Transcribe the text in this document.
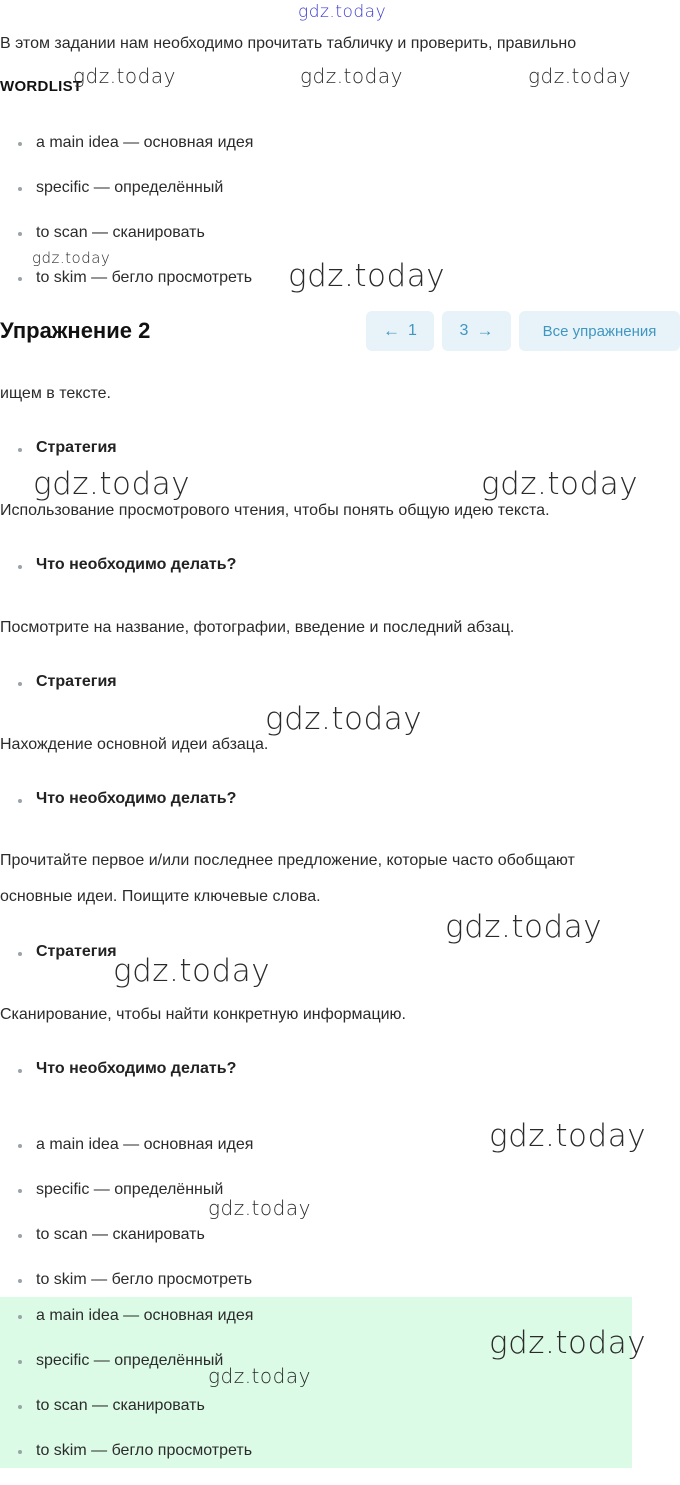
gdz.today
В этом задании нам необходимо прочитать табличку и проверить, правильно
WORDLIST
gdz.today	gdz.today	gdz.today
a main idea — основная идея
specific — определённый
to scan — сканировать
to skim — бегло просмотреть
gdz.today	gdz.today
Упражнение 2	← 1	3 →	Все упражнения
ищем в тексте.
Стратегия
gdz.today	gdz.today
Использование просмотрового чтения, чтобы понять общую идею текста.
Что необходимо делать?
Посмотрите на название, фотографии, введение и последний абзац.
Стратегия
gdz.today
Нахождение основной идеи абзаца.
Что необходимо делать?
Прочитайте первое и/или последнее предложение, которые часто обобщают
основные идеи. Поищите ключевые слова.
gdz.today
Стратегия
gdz.today
Сканирование, чтобы найти конкретную информацию.
Что необходимо делать?
a main idea — основная идея
specific — определённый
to scan — сканировать
to skim — бегло просмотреть
gdz.today
gdz.today
a main idea — основная идея
specific — определённый
to scan — сканировать
to skim — бегло просмотреть
gdz.today
gdz.today
